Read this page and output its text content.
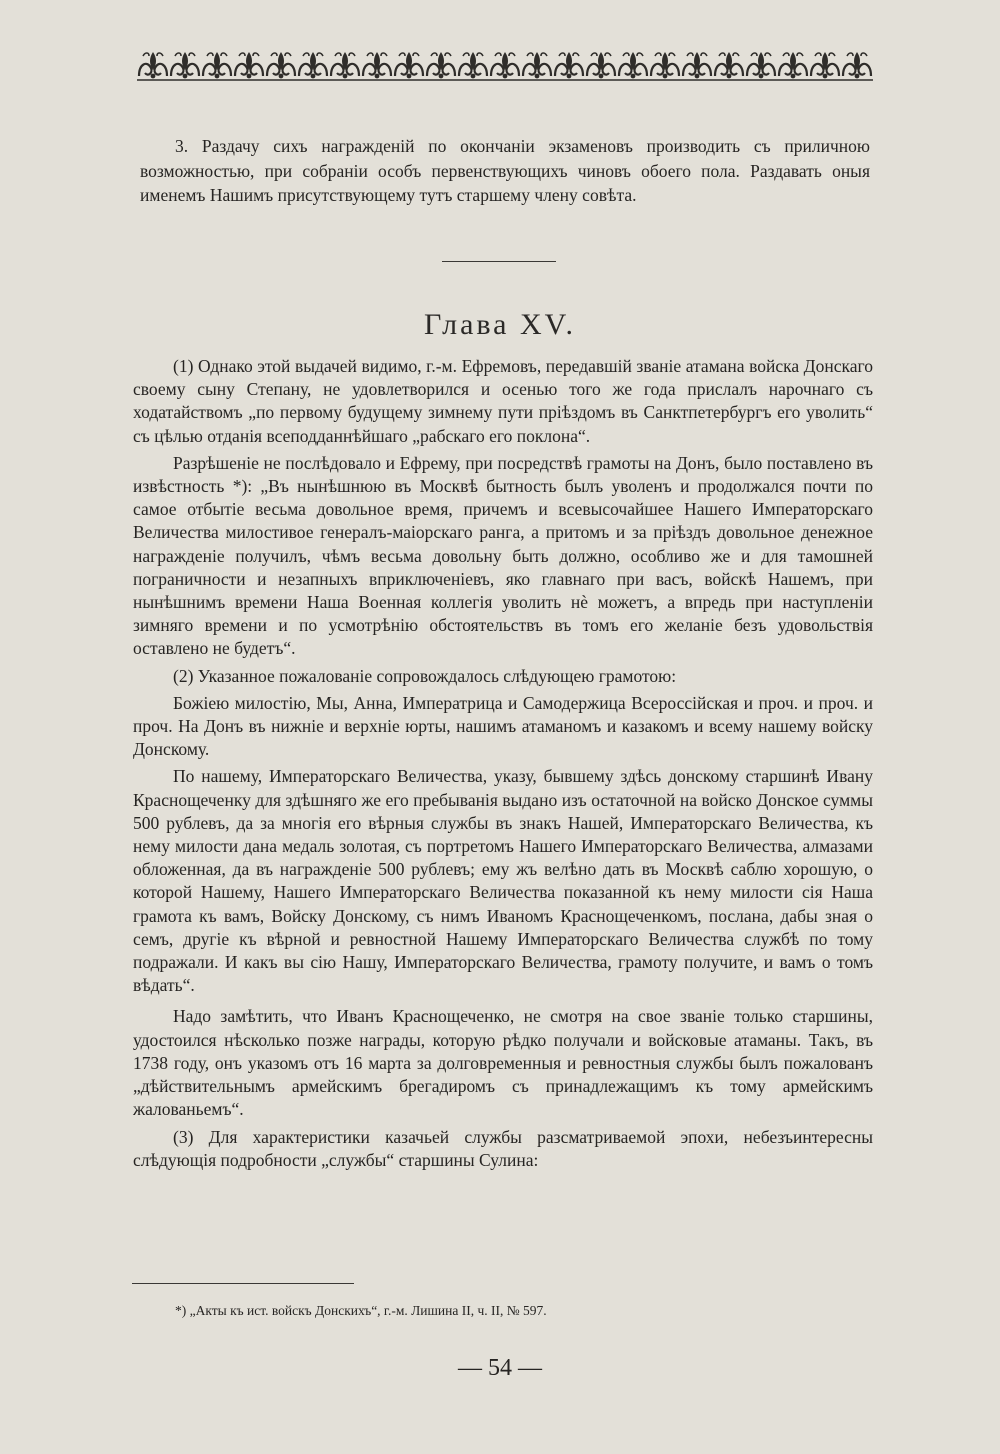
3. Раздачу сихъ награжденій по окончаніи экзаменовъ производить съ приличною возможностью, при собраніи особъ первенствующихъ чиновъ обоего пола. Раздавать оныя именемъ Нашимъ присутствующему тутъ старшему члену совѣта.

Глава XV.

(1) Однако этой выдачей видимо, г.-м. Ефремовъ, передавшій званіе атамана войска Донскаго своему сыну Степану, не удовлетворился и осенью того же года прислалъ нарочнаго съ ходатайствомъ „по первому будущему зимнему пути пріѣздомъ въ Санктпетербургъ его уволить“ съ цѣлью отданія всеподданнѣйшаго „рабскаго его поклона“.

Разрѣшеніе не послѣдовало и Ефрему, при посредствѣ грамоты на Донъ, было поставлено въ извѣстность *): „Въ нынѣшнюю въ Москвѣ бытность былъ уволенъ и продолжался почти по самое отбытіе весьма довольное время, причемъ и всевысочайшее Нашего Императорскаго Величества милостивое генералъ-маіорскаго ранга, а притомъ и за пріѣздъ довольное денежное награжденіе получилъ, чѣмъ весьма довольну быть должно, особливо же и для тамошней пограничности и незапныхъ вприключеніевъ, яко главнаго при васъ, войскѣ Нашемъ, при нынѣшнимъ времени Наша Военная коллегія уволить нѐ можетъ, а впредь при наступленіи зимняго времени и по усмотрѣнію обстоятельствъ въ томъ его желаніе безъ удовольствія оставлено не будетъ“.

(2) Указанное пожалованіе сопровождалось слѣдующею грамотою:

Божіею милостію, Мы, Анна, Императрица и Самодержица Всероссійская и проч. и проч. и проч. На Донъ въ нижніе и верхніе юрты, нашимъ атаманомъ и казакомъ и всему нашему войску Донскому.

По нашему, Императорскаго Величества, указу, бывшему здѣсь донскому старшинѣ Ивану Краснощеченку для здѣшняго же его пребыванія выдано изъ остаточной на войско Донское суммы 500 рублевъ, да за многія его вѣрныя службы въ знакъ Нашей, Императорскаго Величества, къ нему милости дана медаль золотая, съ портретомъ Нашего Императорскаго Величества, алмазами обложенная, да въ награжденіе 500 рублевъ; ему жъ велѣно дать въ Москвѣ саблю хорошую, о которой Нашему, Нашего Императорскаго Величества показанной къ нему милости сія Наша грамота къ вамъ, Войску Донскому, съ нимъ Иваномъ Краснощеченкомъ, послана, дабы зная о семъ, другіе къ вѣрной и ревностной Нашему Императорскаго Величества службѣ по тому подражали. И какъ вы сію Нашу, Императорскаго Величества, грамоту получите, и вамъ о томъ вѣдать“.

Надо замѣтить, что Иванъ Краснощеченко, не смотря на свое званіе только старшины, удостоился нѣсколько позже награды, которую рѣдко получали и войсковые атаманы. Такъ, въ 1738 году, онъ указомъ отъ 16 марта за долговременныя и ревностныя службы былъ пожалованъ „дѣйствительнымъ армейскимъ брегадиромъ съ принадлежащимъ къ тому армейскимъ жалованьемъ“.

(3) Для характеристики казачьей службы разсматриваемой эпохи, небезъинтересны слѣдующія подробности „службы“ старшины Сулина:

*) „Акты къ ист. войскъ Донскихъ“, г.-м. Лишина II, ч. II, № 597.

— 54 —
